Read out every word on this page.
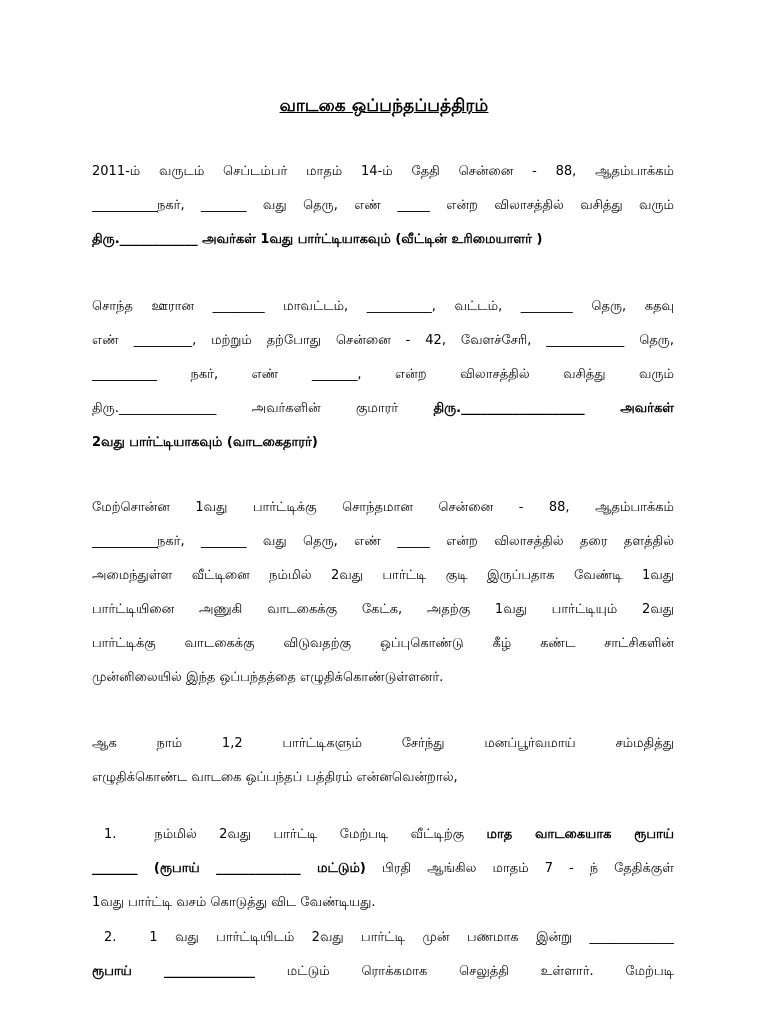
வாடகை ஒப்பந்தப்பத்திரம்
2011-ம் வருடம் செப்டம்பர் மாதம் 14-ம் தேதி சென்னை - 88, ஆதம்பாக்கம்
__________நகர், _______ வது தெரு, எண் _____ என்ற விலாசத்தில் வசித்து வரும்
திரு.____________ அவர்கள் 1வது பார்ட்டியாகவும் (வீட்டின் உரிமையாளர் )
சொந்த ஊரான ________ மாவட்டம், __________, வட்டம், ________ தெரு, கதவு
எண் _________, மற்றும் தற்போது சென்னை - 42, வேளச்சேரி, ____________ தெரு,
__________ நகர், எண் _______, என்ற விலாசத்தில் வசித்து வரும்
திரு._______________ அவர்களின் குமாரர் திரு.___________________ அவர்கள்
2வது பார்ட்டியாகவும் (வாடகைதாரர்)
மேற்சொன்ன 1வது பார்ட்டிக்கு சொந்தமான சென்னை - 88, ஆதம்பாக்கம்
__________நகர், _______ வது தெரு, எண் _____ என்ற விலாசத்தில் தரை தளத்தில்
அமைந்துள்ள வீட்டினை நம்மில் 2வது பார்ட்டி குடி இருப்பதாக வேண்டி 1வது
பார்ட்டியினை அணுகி வாடகைக்கு கேட்க, அதற்கு 1வது பார்ட்டியும் 2வது
பார்ட்டிக்கு வாடகைக்கு விடுவதற்கு ஒப்புகொண்டு கீழ் கண்ட சாட்சிகளின்
முன்னிலையில் இந்த ஒப்பந்தத்தை எழுதிக்கொண்டுள்ளனர்.
ஆக நாம் 1,2 பார்ட்டிகளும் சேர்ந்து மனப்பூர்வமாய் சம்மதித்து
எழுதிக்கொண்ட வாடகை ஒப்பந்தப் பத்திரம் என்னவென்றால்,
1.	நம்மில் 2வது பார்ட்டி மேற்படி வீட்டிற்கு மாத வாடகையாக ரூபாய்
_______ (ரூபாய் _____________ மட்டும்) பிரதி ஆங்கில மாதம் 7 - ந் தேதிக்குள்
1வது பார்ட்டி வசம் கொடுத்து விட வேண்டியது.
2.	1 வது பார்ட்டியிடம் 2வது பார்ட்டி முன் பணமாக இன்று _____________
ரூபாய் ______________ மட்டும் ரொக்கமாக செலுத்தி உள்ளார். மேற்படி
